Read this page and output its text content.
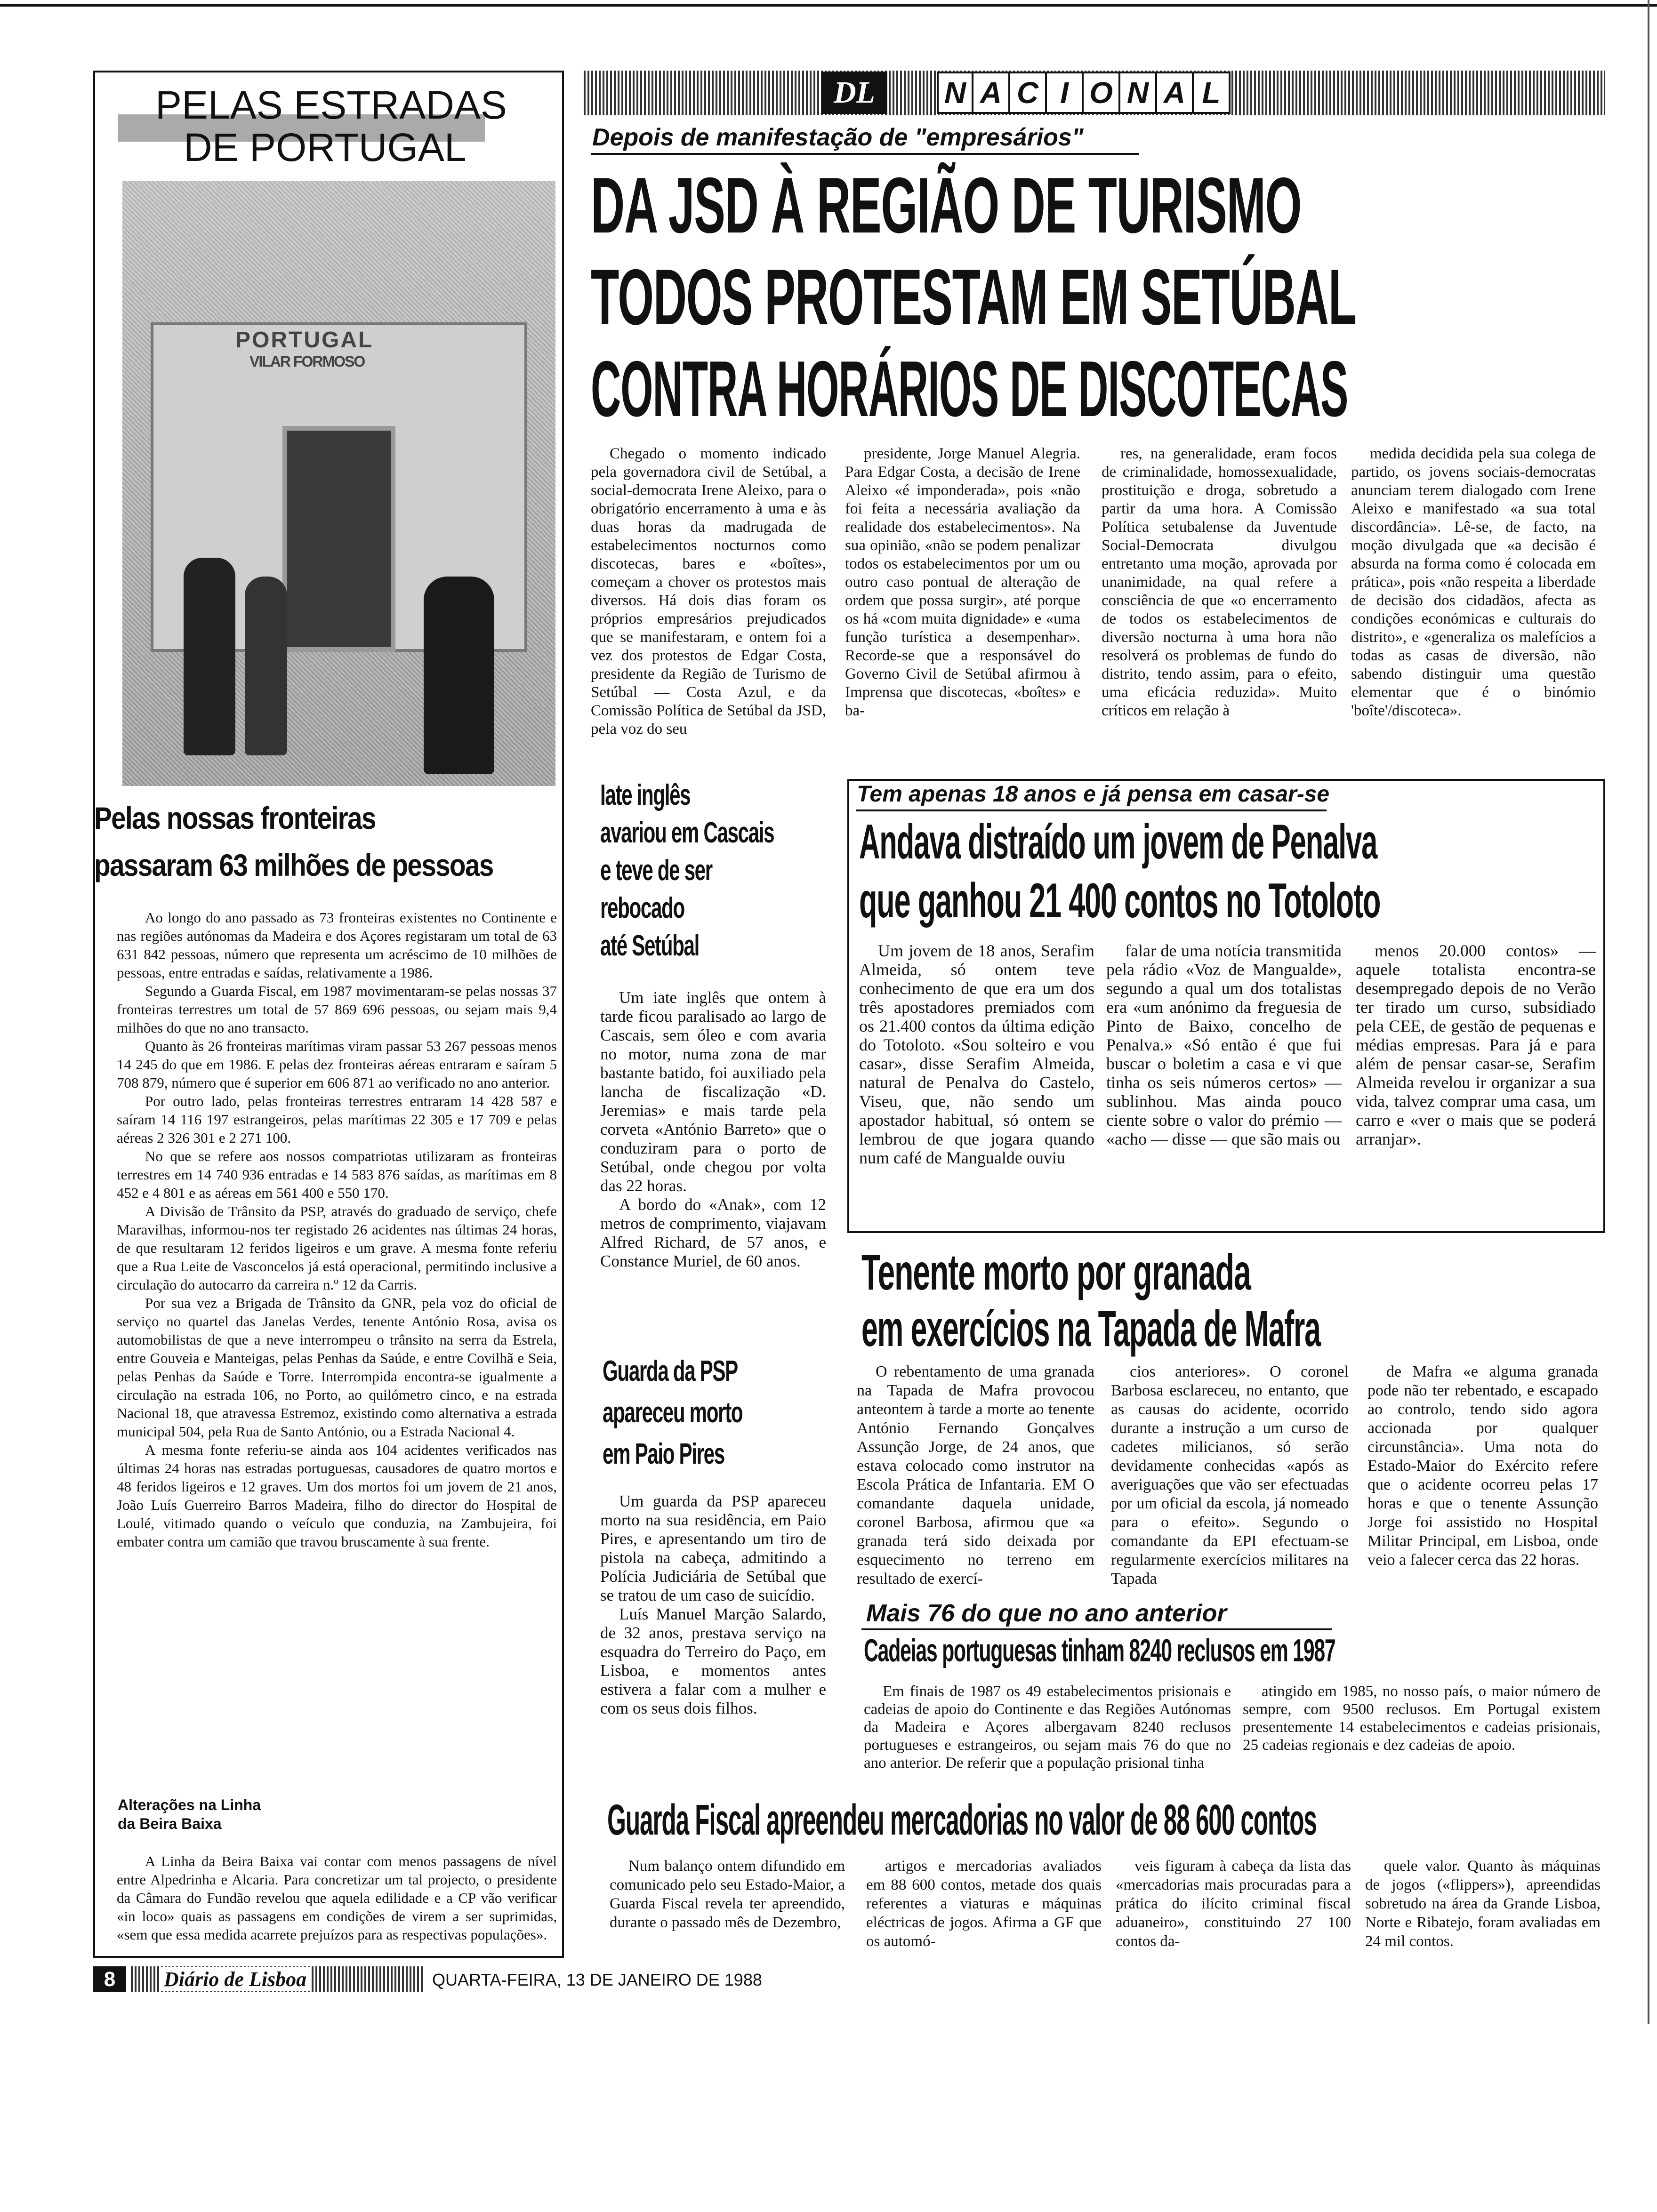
PELAS ESTRADAS
DE PORTUGAL
PORTUGAL
VILAR FORMOSO
Pelas nossas fronteiras
passaram 63 milhões de pessoas

Ao longo do ano passado as 73 fronteiras existentes no Continente e nas regiões autónomas da Madeira e dos Açores registaram um total de 63 631 842 pessoas, número que representa um acréscimo de 10 milhões de pessoas, entre entradas e saídas, relativamente a 1986.

Segundo a Guarda Fiscal, em 1987 movimentaram-se pelas nossas 37 fronteiras terrestres um total de 57 869 696 pessoas, ou sejam mais 9,4 milhões do que no ano transacto.

Quanto às 26 fronteiras marítimas viram passar 53 267 pessoas menos 14 245 do que em 1986. E pelas dez fronteiras aéreas entraram e saíram 5 708 879, número que é superior em 606 871 ao verificado no ano anterior.

Por outro lado, pelas fronteiras terrestres entraram 14 428 587 e saíram 14 116 197 estrangeiros, pelas marítimas 22 305 e 17 709 e pelas aéreas 2 326 301 e 2 271 100.

No que se refere aos nossos compatriotas utilizaram as fronteiras terrestres em 14 740 936 entradas e 14 583 876 saídas, as marítimas em 8 452 e 4 801 e as aéreas em 561 400 e 550 170.

A Divisão de Trânsito da PSP, através do graduado de serviço, chefe Maravilhas, informou-nos ter registado 26 acidentes nas últimas 24 horas, de que resultaram 12 feridos ligeiros e um grave. A mesma fonte referiu que a Rua Leite de Vasconcelos já está operacional, permitindo inclusive a circulação do autocarro da carreira n.º 12 da Carris.

Por sua vez a Brigada de Trânsito da GNR, pela voz do oficial de serviço no quartel das Janelas Verdes, tenente António Rosa, avisa os automobilistas de que a neve interrompeu o trânsito na serra da Estrela, entre Gouveia e Manteigas, pelas Penhas da Saúde, e entre Covilhã e Seia, pelas Penhas da Saúde e Torre. Interrompida encontra-se igualmente a circulação na estrada 106, no Porto, ao quilómetro cinco, e na estrada Nacional 18, que atravessa Estremoz, existindo como alternativa a estrada municipal 504, pela Rua de Santo António, ou a Estrada Nacional 4.

A mesma fonte referiu-se ainda aos 104 acidentes verificados nas últimas 24 horas nas estradas portuguesas, causadores de quatro mortos e 48 feridos ligeiros e 12 graves. Um dos mortos foi um jovem de 21 anos, João Luís Guerreiro Barros Madeira, filho do director do Hospital de Loulé, vitimado quando o veículo que conduzia, na Zambujeira, foi embater contra um camião que travou bruscamente à sua frente.

Alterações na Linha
da Beira Baixa

A Linha da Beira Baixa vai contar com menos passagens de nível entre Alpedrinha e Alcaria. Para concretizar um tal projecto, o presidente da Câmara do Fundão revelou que aquela edilidade e a CP vão verificar «in loco» quais as passagens em condições de virem a ser suprimidas, «sem que essa medida acarrete prejuízos para as respectivas populações».

8	Diário de Lisboa	QUARTA-FEIRA, 13 DE JANEIRO DE 1988
DL	N A C I O N A L
Depois de manifestação de "empresários"
DA JSD À REGIÃO DE TURISMO
TODOS PROTESTAM EM SETÚBAL
CONTRA HORÁRIOS DE DISCOTECAS

Chegado o momento indicado pela governadora civil de Setúbal, a social-democrata Irene Aleixo, para o obrigatório encerramento à uma e às duas horas da madrugada de estabelecimentos nocturnos como discotecas, bares e «boîtes», começam a chover os protestos mais diversos. Há dois dias foram os próprios empresários prejudicados que se manifestaram, e ontem foi a vez dos protestos de Edgar Costa, presidente da Região de Turismo de Setúbal — Costa Azul, e da Comissão Política de Setúbal da JSD, pela voz do seu

presidente, Jorge Manuel Alegria. Para Edgar Costa, a decisão de Irene Aleixo «é imponderada», pois «não foi feita a necessária avaliação da realidade dos estabelecimentos». Na sua opinião, «não se podem penalizar todos os estabelecimentos por um ou outro caso pontual de alteração de ordem que possa surgir», até porque os há «com muita dignidade» e «uma função turística a desempenhar». Recorde-se que a responsável do Governo Civil de Setúbal afirmou à Imprensa que discotecas, «boîtes» e ba-

res, na generalidade, eram focos de criminalidade, homossexualidade, prostituição e droga, sobretudo a partir da uma hora. A Comissão Política setubalense da Juventude Social-Democrata divulgou entretanto uma moção, aprovada por unanimidade, na qual refere a consciência de que «o encerramento de todos os estabelecimentos de diversão nocturna à uma hora não resolverá os problemas de fundo do distrito, tendo assim, para o efeito, uma eficácia reduzida». Muito críticos em relação à

medida decidida pela sua colega de partido, os jovens sociais-democratas anunciam terem dialogado com Irene Aleixo e manifestado «a sua total discordância». Lê-se, de facto, na moção divulgada que «a decisão é absurda na forma como é colocada em prática», pois «não respeita a liberdade de decisão dos cidadãos, afecta as condições económicas e culturais do distrito», e «generaliza os malefícios a todas as casas de diversão, não sabendo distinguir uma questão elementar que é o binómio 'boîte'/discoteca».

Iate inglês
avariou em Cascais
e teve de ser
rebocado
até Setúbal

Um iate inglês que ontem à tarde ficou paralisado ao largo de Cascais, sem óleo e com avaria no motor, numa zona de mar bastante batido, foi auxiliado pela lancha de fiscalização «D. Jeremias» e mais tarde pela corveta «António Barreto» que o conduziram para o porto de Setúbal, onde chegou por volta das 22 horas.

A bordo do «Anak», com 12 metros de comprimento, viajavam Alfred Richard, de 57 anos, e Constance Muriel, de 60 anos.

Guarda da PSP
apareceu morto
em Paio Pires

Um guarda da PSP apareceu morto na sua residência, em Paio Pires, e apresentando um tiro de pistola na cabeça, admitindo a Polícia Judiciária de Setúbal que se tratou de um caso de suicídio.

Luís Manuel Marção Salardo, de 32 anos, prestava serviço na esquadra do Terreiro do Paço, em Lisboa, e momentos antes estivera a falar com a mulher e com os seus dois filhos.

Tem apenas 18 anos e já pensa em casar-se
Andava distraído um jovem de Penalva
que ganhou 21 400 contos no Totoloto

Um jovem de 18 anos, Serafim Almeida, só ontem teve conhecimento de que era um dos três apostadores premiados com os 21.400 contos da última edição do Totoloto. «Sou solteiro e vou casar», disse Serafim Almeida, natural de Penalva do Castelo, Viseu, que, não sendo um apostador habitual, só ontem se lembrou de que jogara quando num café de Mangualde ouviu

falar de uma notícia transmitida pela rádio «Voz de Mangualde», segundo a qual um dos totalistas era «um anónimo da freguesia de Pinto de Baixo, concelho de Penalva.» «Só então é que fui buscar o boletim a casa e vi que tinha os seis números certos» — sublinhou. Mas ainda pouco ciente sobre o valor do prémio — «acho — disse — que são mais ou

menos 20.000 contos» — aquele totalista encontra-se desempregado depois de no Verão ter tirado um curso, subsidiado pela CEE, de gestão de pequenas e médias empresas. Para já e para além de pensar casar-se, Serafim Almeida revelou ir organizar a sua vida, talvez comprar uma casa, um carro e «ver o mais que se poderá arranjar».

Tenente morto por granada
em exercícios na Tapada de Mafra

O rebentamento de uma granada na Tapada de Mafra provocou anteontem à tarde a morte ao tenente António Fernando Gonçalves Assunção Jorge, de 24 anos, que estava colocado como instrutor na Escola Prática de Infantaria. EM O comandante daquela unidade, coronel Barbosa, afirmou que «a granada terá sido deixada por esquecimento no terreno em resultado de exercí-

cios anteriores». O coronel Barbosa esclareceu, no entanto, que as causas do acidente, ocorrido durante a instrução a um curso de cadetes milicianos, só serão devidamente conhecidas «após as averiguações que vão ser efectuadas por um oficial da escola, já nomeado para o efeito». Segundo o comandante da EPI efectuam-se regularmente exercícios militares na Tapada

de Mafra «e alguma granada pode não ter rebentado, e escapado ao controlo, tendo sido agora accionada por qualquer circunstância». Uma nota do Estado-Maior do Exército refere que o acidente ocorreu pelas 17 horas e que o tenente Assunção Jorge foi assistido no Hospital Militar Principal, em Lisboa, onde veio a falecer cerca das 22 horas.

Mais 76 do que no ano anterior
Cadeias portuguesas tinham 8240 reclusos em 1987

Em finais de 1987 os 49 estabelecimentos prisionais e cadeias de apoio do Continente e das Regiões Autónomas da Madeira e Açores albergavam 8240 reclusos portugueses e estrangeiros, ou sejam mais 76 do que no ano anterior. De referir que a população prisional tinha

atingido em 1985, no nosso país, o maior número de sempre, com 9500 reclusos. Em Portugal existem presentemente 14 estabelecimentos e cadeias prisionais, 25 cadeias regionais e dez cadeias de apoio.

Guarda Fiscal apreendeu mercadorias no valor de 88 600 contos

Num balanço ontem difundido em comunicado pelo seu Estado-Maior, a Guarda Fiscal revela ter apreendido, durante o passado mês de Dezembro,

artigos e mercadorias avaliados em 88 600 contos, metade dos quais referentes a viaturas e máquinas eléctricas de jogos. Afirma a GF que os automó-

veis figuram à cabeça da lista das «mercadorias mais procuradas para a prática do ilícito criminal fiscal aduaneiro», constituindo 27 100 contos da-

quele valor. Quanto às máquinas de jogos («flippers»), apreendidas sobretudo na área da Grande Lisboa, Norte e Ribatejo, foram avaliadas em 24 mil contos.
